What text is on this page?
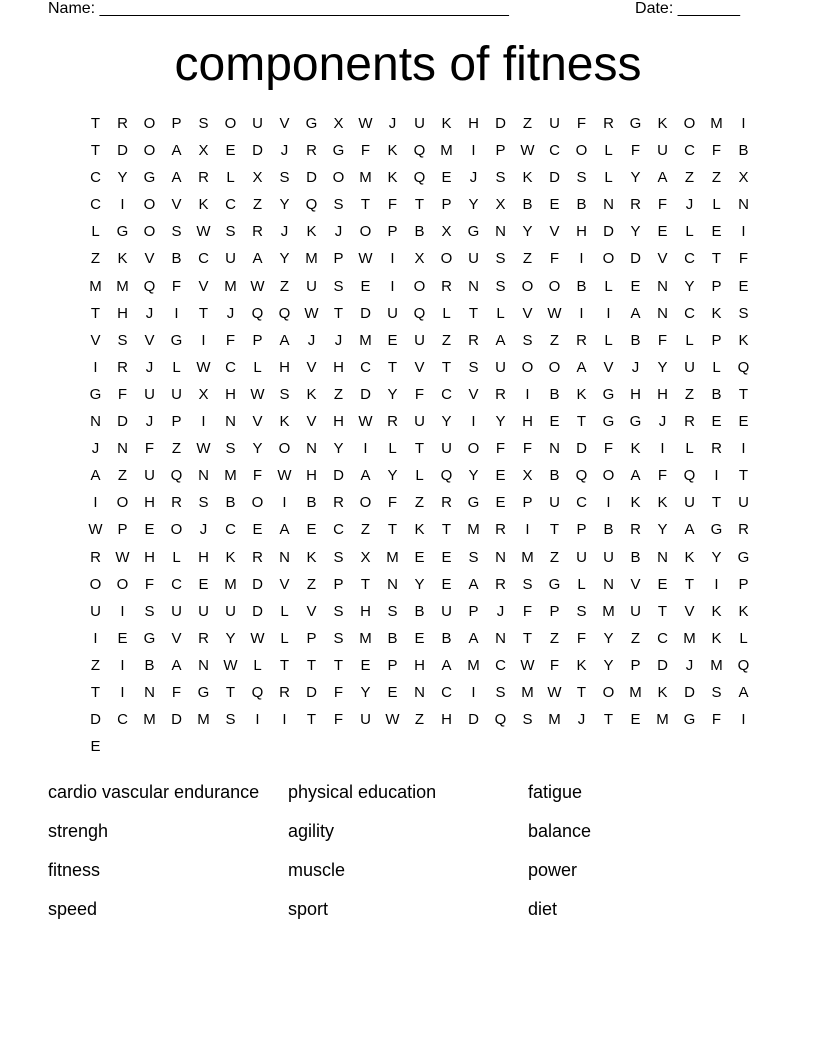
Name: ______________________________________________	Date: _______
components of fitness
T	R	O	P	S	O	U	V	G	X W	J	U	K	H	D	Z	U	F	R	G	K	O M	I
T	D	O	A	X	E	D	J	R	G	F	K	Q M	I	P W C	O	L	F	U	C	F	B
C	Y	G	A	R	L	X	S	D	O M	K	Q	E	J	S	K	D	S	L	Y	A	Z	Z	X
C	I	O	V	K	C	Z	Y	Q	S	T	F	T	P	Y	X	B	E	B	N	R	F	J	L	N
L	G	O	S W S	R	J	K	J	O	P	B	X	G	N	Y	V	H	D	Y	E	L	E	I
Z	K	V	B	C	U	A	Y	M	P W	I	X	O	U	S	Z	F	I	O	D	V	C	T	F
M M Q	F	V	M W	Z	U	S	E	I	O	R	N	S	O	O	B	L	E	N	Y	P	E
T	H	J	I	T	J	Q	Q W	T	D	U	Q	L	T	L	V W	I	I	A	N	C	K	S
V	S	V	G	I	F	P	A	J	J	M	E	U	Z	R	A	S	Z	R	L	B	F	L	P	K
I	R	J	L	W C	L	H	V	H	C	T	V	T	S	U	O	O	A	V	J	Y	U	L	Q
G	F	U	U	X	H W S	K	Z	D	Y	F	C	V	R	I	B	K	G	H	H	Z	B	T
N	D	J	P	I	N	V	K	V	H W R	U	Y	I	Y	H	E	T	G	G	J	R	E	E
J	N	F	Z	W S	Y	O	N	Y	I	L	T	U	O	F	F	N	D	F	K	I	L	R	I
A	Z	U	Q	N	M	F	W H	D	A	Y	L	Q	Y	E	X	B	Q	O	A	F	Q	I	T
I	O	H	R	S	B	O	I	B	R	O	F	Z	R	G	E	P	U	C	I	K	K	U	T	U
W P	E	O	J	C	E	A	E	C	Z	T	K	T	M	R	I	T	P	B	R	Y	A	G	R
R W H	L	H	K	R	N	K	S	X	M	E	E	S	N	M	Z	U	U	B	N	K	Y	G
O	O	F	C	E	M	D	V	Z	P	T	N	Y	E	A	R	S	G	L	N	V	E	T	I	P
U	I	S	U	U	U	D	L	V	S	H	S	B	U	P	J	F	P	S	M	U	T	V	K	K
I	E	G	V	R	Y W	L	P	S	M	B	E	B	A	N	T	Z	F	Y	Z	C	M	K	L
Z	I	B	A	N W	L	T	T	T	E	P	H	A	M	C W	F	K	Y	P	D	J	M Q
T	I	N	F	G	T	Q	R	D	F	Y	E	N	C	I	S	M W	T	O M	K	D	S	A
D	C	M	D	M	S	I	I	T	F	U W	Z	H	D	Q	S	M	J	T	E	M G	F	I
E
cardio vascular endurance	physical education	fatigue
strengh	agility	balance
fitness	muscle	power
speed	sport	diet
